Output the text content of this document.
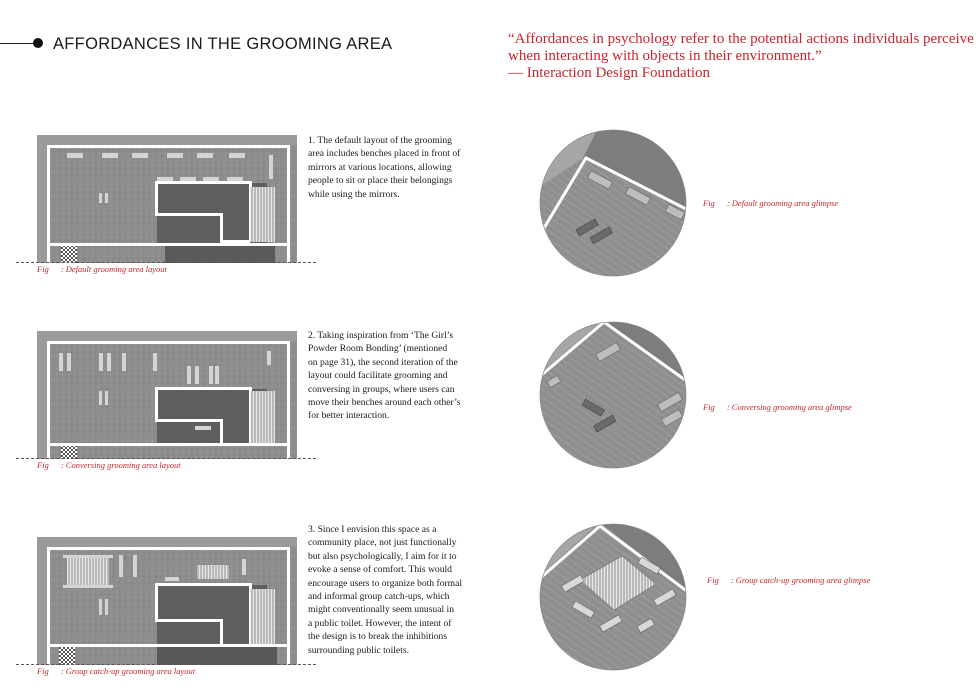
AFFORDANCES IN THE GROOMING AREA	“Affordances in psychology refer to the potential actions individuals perceive
when interacting with objects in their environment.”
— Interaction Design Foundation
Fig : Default grooming area layout
1. The default layout of the grooming
area includes benches placed in front of
mirrors at various locations, allowing
people to sit or place their belongings
while using the mirrors.
Fig : Default grooming area glimpse
Fig : Conversing grooming area layout
2. Taking inspiration from ‘The Girl’s
Powder Room Bonding’ (mentioned
on page 31), the second iteration of the
layout could facilitate grooming and
conversing in groups, where users can
move their benches around each other’s
for better interaction.
Fig : Conversing grooming area glimpse
Fig : Group catch-up grooming area layout
3. Since I envision this space as a
community place, not just functionally
but also psychologically, I aim for it to
evoke a sense of comfort. This would
encourage users to organize both formal
and informal group catch-ups, which
might conventionally seem unusual in
a public toilet. However, the intent of
the design is to break the inhibitions
surrounding public toilets.
Fig : Group catch-up grooming area glimpse
